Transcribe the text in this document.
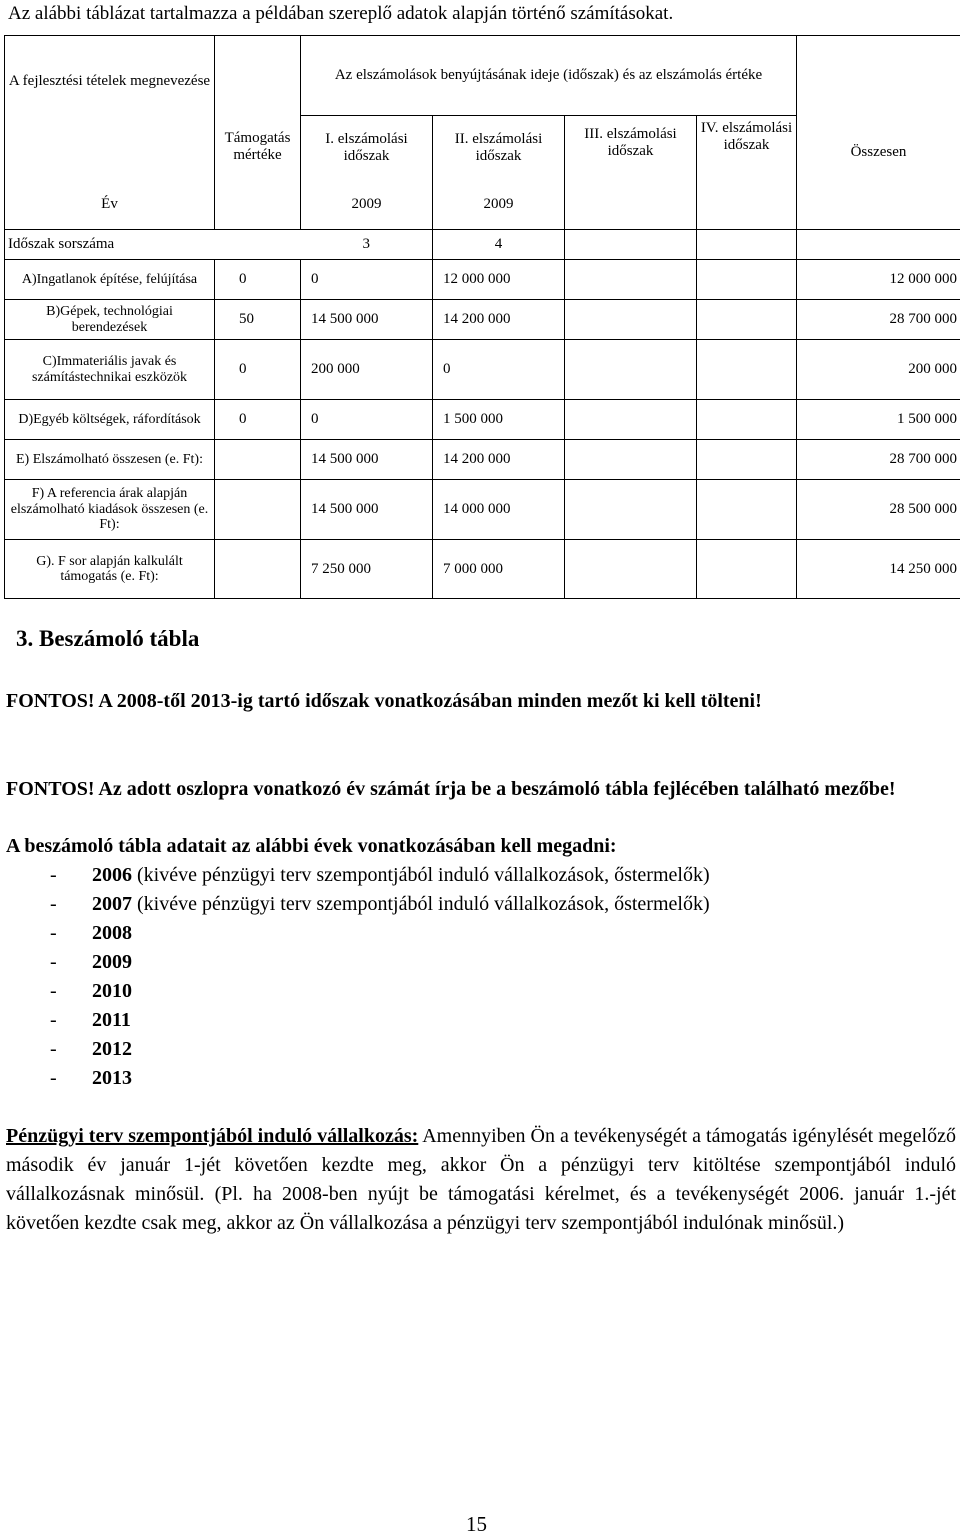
Az alábbi táblázat tartalmazza a példában szereplő adatok alapján történő számításokat.
A fejlesztési tételek megnevezése	Támogatás mértéke	Az elszámolások benyújtásának ideje (időszak) és az elszámolás értéke				Összesen
		I. elszámolási időszak	II. elszámolási időszak	III. elszámolási időszak	IV. elszámolási időszak	
Év		2009	2009			
Időszak sorszáma		3	4			
A)Ingatlanok építése, felújítása	0	0	12 000 000			12 000 000
B)Gépek, technológiai berendezések	50	14 500 000	14 200 000			28 700 000
C)Immateriális javak és számítástechnikai eszközök	0	200 000	0			200 000
D)Egyéb költségek, ráfordítások	0	0	1 500 000			1 500 000
E) Elszámolható összesen (e. Ft):		14 500 000	14 200 000			28 700 000
F) A referencia árak alapján elszámolható kiadások összesen (e. Ft):		14 500 000	14 000 000			28 500 000
G). F sor alapján kalkulált támogatás (e. Ft):		7 250 000	7 000 000			14 250 000
3. Beszámoló tábla
FONTOS! A 2008-től 2013-ig tartó időszak vonatkozásában minden mezőt ki kell tölteni!
FONTOS! Az adott oszlopra vonatkozó év számát írja be a beszámoló tábla fejlécében található mezőbe!
A beszámoló tábla adatait az alábbi évek vonatkozásában kell megadni:
- 2006 (kivéve pénzügyi terv szempontjából induló vállalkozások, őstermelők)
- 2007 (kivéve pénzügyi terv szempontjából induló vállalkozások, őstermelők)
- 2008
- 2009
- 2010
- 2011
- 2012
- 2013
Pénzügyi terv szempontjából induló vállalkozás: Amennyiben Ön a tevékenységét a támogatás igénylését megelőző második év január 1-jét követően kezdte meg, akkor Ön a pénzügyi terv kitöltése szempontjából induló vállalkozásnak minősül. (Pl. ha 2008-ben nyújt be támogatási kérelmet, és a tevékenységét 2006. január 1.-jét követően kezdte csak meg, akkor az Ön vállalkozása a pénzügyi terv szempontjából indulónak minősül.)
15
